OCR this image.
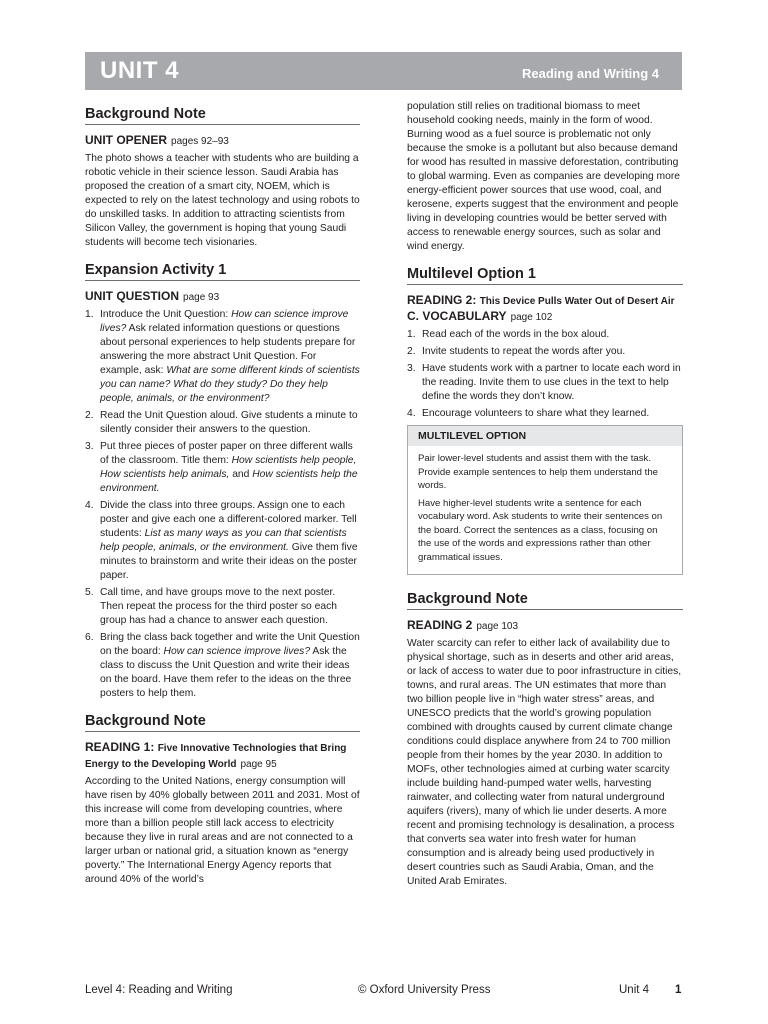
UNIT 4	Reading and Writing 4
Background Note
UNIT OPENER pages 92–93

The photo shows a teacher with students who are building a robotic vehicle in their science lesson. Saudi Arabia has proposed the creation of a smart city, NOEM, which is expected to rely on the latest technology and using robots to do unskilled tasks. In addition to attracting scientists from Silicon Valley, the government is hoping that young Saudi students will become tech visionaries.

Expansion Activity 1
UNIT QUESTION page 93
1. Introduce the Unit Question: How can science improve lives? Ask related information questions or questions about personal experiences to help students prepare for answering the more abstract Unit Question. For example, ask: What are some different kinds of scientists you can name? What do they study? Do they help people, animals, or the environment?
2. Read the Unit Question aloud. Give students a minute to silently consider their answers to the question.
3. Put three pieces of poster paper on three different walls of the classroom. Title them: How scientists help people, How scientists help animals, and How scientists help the environment.
4. Divide the class into three groups. Assign one to each poster and give each one a different-colored marker. Tell students: List as many ways as you can that scientists help people, animals, or the environment. Give them five minutes to brainstorm and write their ideas on the poster paper.
5. Call time, and have groups move to the next poster. Then repeat the process for the third poster so each group has had a chance to answer each question.
6. Bring the class back together and write the Unit Question on the board: How can science improve lives? Ask the class to discuss the Unit Question and write their ideas on the board. Have them refer to the ideas on the three posters to help them.
Background Note
READING 1: Five Innovative Technologies that Bring Energy to the Developing World page 95

According to the United Nations, energy consumption will have risen by 40% globally between 2011 and 2031. Most of this increase will come from developing countries, where more than a billion people still lack access to electricity because they live in rural areas and are not connected to a larger urban or national grid, a situation known as “energy poverty.” The International Energy Agency reports that around 40% of the world’s

population still relies on traditional biomass to meet household cooking needs, mainly in the form of wood. Burning wood as a fuel source is problematic not only because the smoke is a pollutant but also because demand for wood has resulted in massive deforestation, contributing to global warming. Even as companies are developing more energy-efficient power sources that use wood, coal, and kerosene, experts suggest that the environment and people living in developing countries would be better served with access to renewable energy sources, such as solar and wind energy.

Multilevel Option 1
READING 2: This Device Pulls Water Out of Desert Air
C. VOCABULARY page 102
1. Read each of the words in the box aloud.
2. Invite students to repeat the words after you.
3. Have students work with a partner to locate each word in the reading. Invite them to use clues in the text to help define the words they don’t know.
4. Encourage volunteers to share what they learned.
MULTILEVEL OPTION

Pair lower-level students and assist them with the task. Provide example sentences to help them understand the words.

Have higher-level students write a sentence for each vocabulary word. Ask students to write their sentences on the board. Correct the sentences as a class, focusing on the use of the words and expressions rather than other grammatical issues.

Background Note
READING 2 page 103

Water scarcity can refer to either lack of availability due to physical shortage, such as in deserts and other arid areas, or lack of access to water due to poor infrastructure in cities, towns, and rural areas. The UN estimates that more than two billion people live in “high water stress” areas, and UNESCO predicts that the world’s growing population combined with droughts caused by current climate change conditions could displace anywhere from 24 to 700 million people from their homes by the year 2030. In addition to MOFs, other technologies aimed at curbing water scarcity include building hand-pumped water wells, harvesting rainwater, and collecting water from natural underground aquifers (rivers), many of which lie under deserts. A more recent and promising technology is desalination, a process that converts sea water into fresh water for human consumption and is already being used productively in desert countries such as Saudi Arabia, Oman, and the United Arab Emirates.

Level 4: Reading and Writing	© Oxford University Press	Unit 4 1
